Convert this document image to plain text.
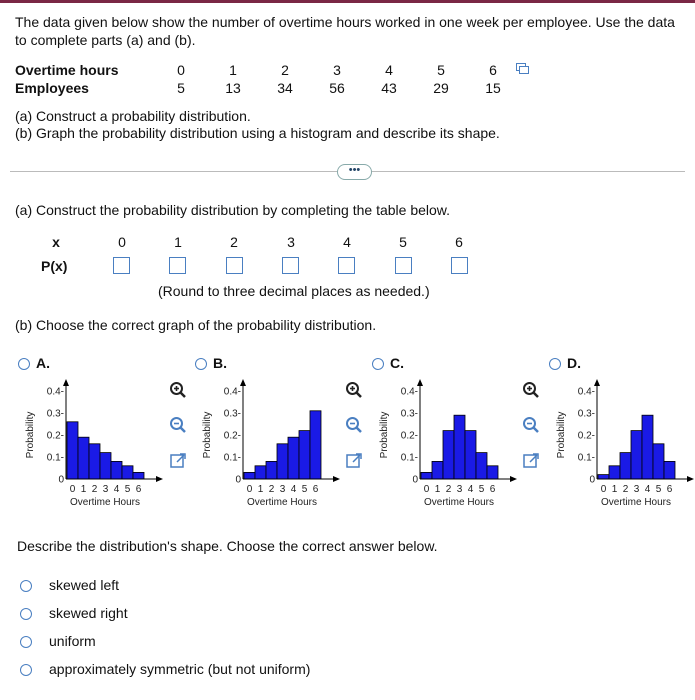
The data given below show the number of overtime hours worked in one week per employee. Use the data to complete parts (a) and (b).
Overtime hours	0	1	2	3	4	5	6
Employees	5	13	34	56	43	29	15
(a) Construct a probability distribution.
(b) Graph the probability distribution using a histogram and describe its shape.
•••
(a) Construct the probability distribution by completing the table below.
x	0	1	2	3	4	5	6
P(x)
(Round to three decimal places as needed.)
(b) Choose the correct graph of the probability distribution.
A.	B.	C.	D.
Probability
0
0.1-
0.2-
0.3-
0.4-
0 1 2 3 4 5 6
Overtime Hours
Probability
0
0.1-
0.2-
0.3-
0.4-
0 1 2 3 4 5 6
Overtime Hours
Probability
0
0.1-
0.2-
0.3-
0.4-
0 1 2 3 4 5 6
Overtime Hours
Probability
0
0.1-
0.2-
0.3-
0.4-
0 1 2 3 4 5 6
Overtime Hours
Describe the distribution's shape. Choose the correct answer below.
skewed left
skewed right
uniform
approximately symmetric (but not uniform)
